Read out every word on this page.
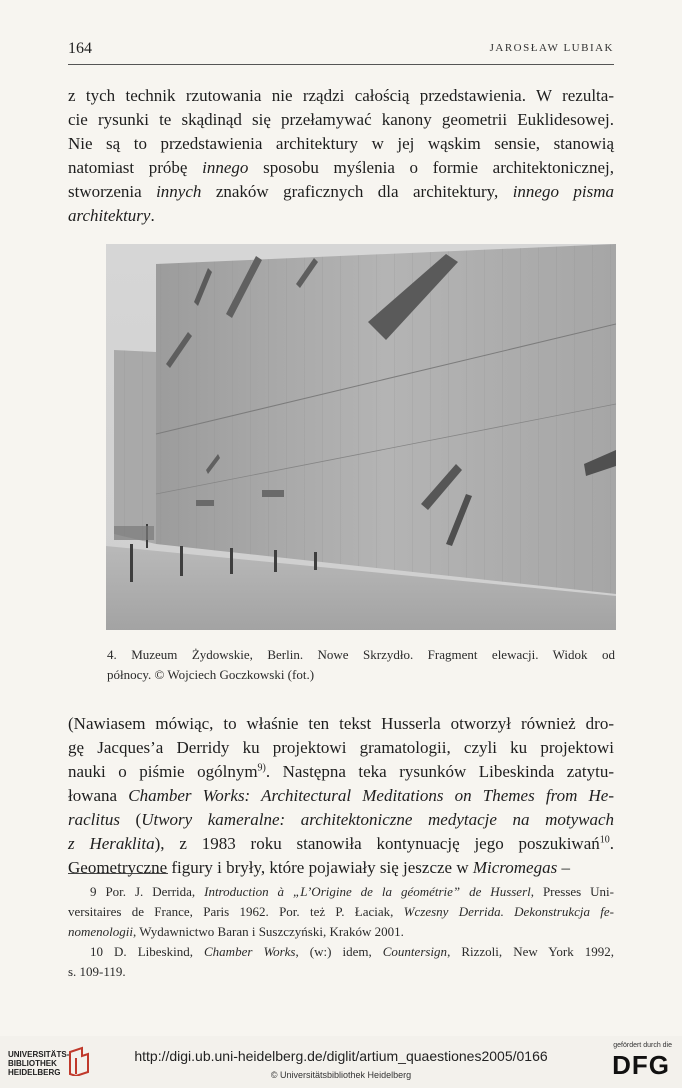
164	JAROSŁAW LUBIAK
z tych technik rzutowania nie rządzi całością przedstawienia. W rezulta-
cie rysunki te skądinąd się przełamywać kanony geometrii Euklidesowej.
Nie są to przedstawienia architektury w jej wąskim sensie, stanowią
natomiast próbę innego sposobu myślenia o formie architektonicznej,
stworzenia innych znaków graficznych dla architektury, innego pisma
architektury.
4. Muzeum Żydowskie, Berlin. Nowe Skrzydło. Fragment elewacji. Widok od
północy. © Wojciech Goczkowski (fot.)
(Nawiasem mówiąc, to właśnie ten tekst Husserla otworzył również dro-
gę Jacques’a Derridy ku projektowi gramatologii, czyli ku projektowi
nauki o piśmie ogólnym$^{9)}$. Następna teka rysunków Libeskinda zatytu-
łowana Chamber Works: Architectural Meditations on Themes from He-
raclitus (Utwory kameralne: architektoniczne medytacje na motywach
z Heraklita), z 1983 roku stanowiła kontynuację jego poszukiwań$^{10}$.
Geometryczne figury i bryły, które pojawiały się jeszcze w Micromegas –
9 Por. J. Derrida, Introduction à „L’Origine de la géométrie” de Husserl, Presses Uni-
versitaires de France, Paris 1962. Por. też P. Łaciak, Wczesny Derrida. Dekonstrukcja fe-
nomenologii, Wydawnictwo Baran i Suszczyński, Kraków 2001.
10 D. Libeskind, Chamber Works, (w:) idem, Countersign, Rizzoli, New York 1992,
s. 109-119.
UNIVERSITÄTS-
BIBLIOTHEK
HEIDELBERG
http://digi.ub.uni-heidelberg.de/diglit/artium_quaestiones2005/0166
© Universitätsbibliothek Heidelberg
gefördert durch die
DFG
